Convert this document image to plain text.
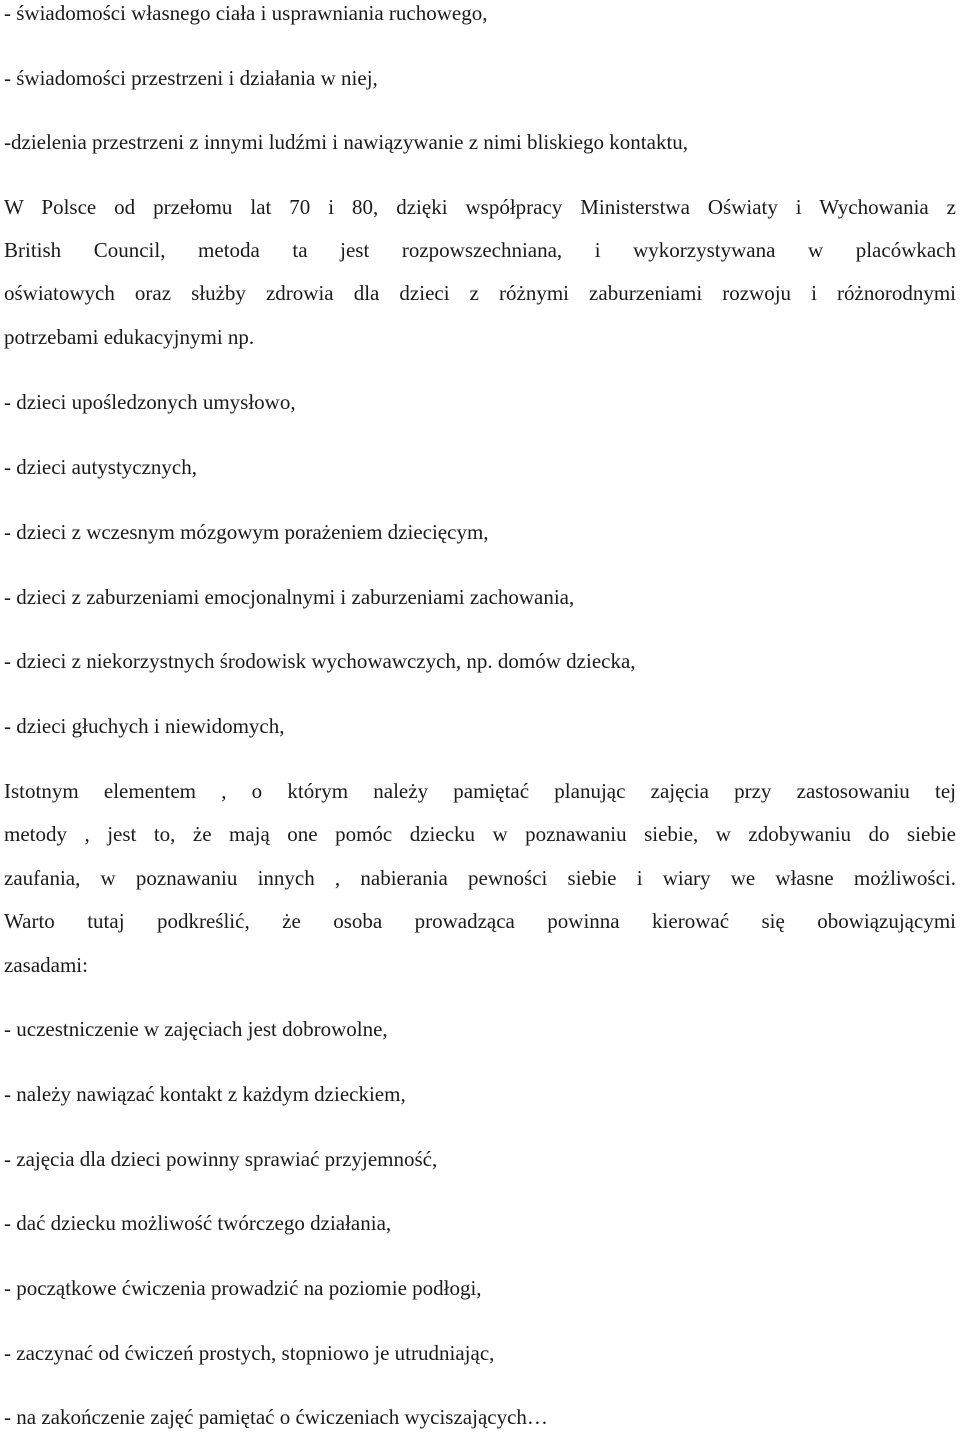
- świadomości własnego ciała i usprawniania ruchowego,
- świadomości przestrzeni i działania w niej,
-dzielenia przestrzeni z innymi ludźmi i nawiązywanie z nimi bliskiego kontaktu,
W Polsce od przełomu lat 70 i 80, dzięki współpracy Ministerstwa Oświaty i Wychowania z
British Council, metoda ta jest rozpowszechniana, i wykorzystywana w placówkach
oświatowych oraz służby zdrowia dla dzieci z różnymi zaburzeniami rozwoju i różnorodnymi
potrzebami edukacyjnymi np.
- dzieci upośledzonych umysłowo,
- dzieci autystycznych,
- dzieci z wczesnym mózgowym porażeniem dziecięcym,
- dzieci z zaburzeniami emocjonalnymi i zaburzeniami zachowania,
- dzieci z niekorzystnych środowisk wychowawczych, np. domów dziecka,
- dzieci głuchych i niewidomych,
Istotnym elementem , o którym należy pamiętać planując zajęcia przy zastosowaniu tej
metody , jest to, że mają one pomóc dziecku w poznawaniu siebie, w zdobywaniu do siebie
zaufania, w poznawaniu innych , nabierania pewności siebie i wiary we własne możliwości.
Warto tutaj podkreślić, że osoba prowadząca powinna kierować się obowiązującymi
zasadami:
- uczestniczenie w zajęciach jest dobrowolne,
- należy nawiązać kontakt z każdym dzieckiem,
- zajęcia dla dzieci powinny sprawiać przyjemność,
- dać dziecku możliwość twórczego działania,
- początkowe ćwiczenia prowadzić na poziomie podłogi,
- zaczynać od ćwiczeń prostych, stopniowo je utrudniając,
- na zakończenie zajęć pamiętać o ćwiczeniach wyciszających…
